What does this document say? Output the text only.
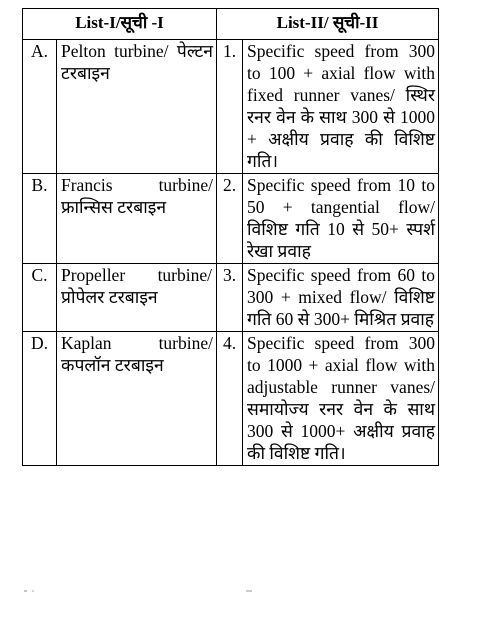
List-I/सूची -I		List-II/ सूची-II	
A.	Pelton turbine/ पेल्टन टरबाइन	1.	Specific speed from 300 to 100 + axial flow with fixed runner vanes/ स्थिर रनर वेन के साथ 300 से 1000 + अक्षीय प्रवाह की विशिष्ट गति।
B.	Francis turbine/ फ्रान्सिस टरबाइन	2.	Specific speed from 10 to 50 + tangential flow/ विशिष्ट गति 10 से 50+ स्पर्श रेखा प्रवाह
C.	Propeller turbine/ प्रोपेलर टरबाइन	3.	Specific speed from 60 to 300 + mixed flow/ विशिष्ट गति 60 से 300+ मिश्रित प्रवाह
D.	Kaplan turbine/ कपलॉन टरबाइन	4.	Specific speed from 300 to 1000 + axial flow with adjustable runner vanes/ समायोज्य रनर वेन के साथ 300 से 1000+ अक्षीय प्रवाह की विशिष्ट गति।
